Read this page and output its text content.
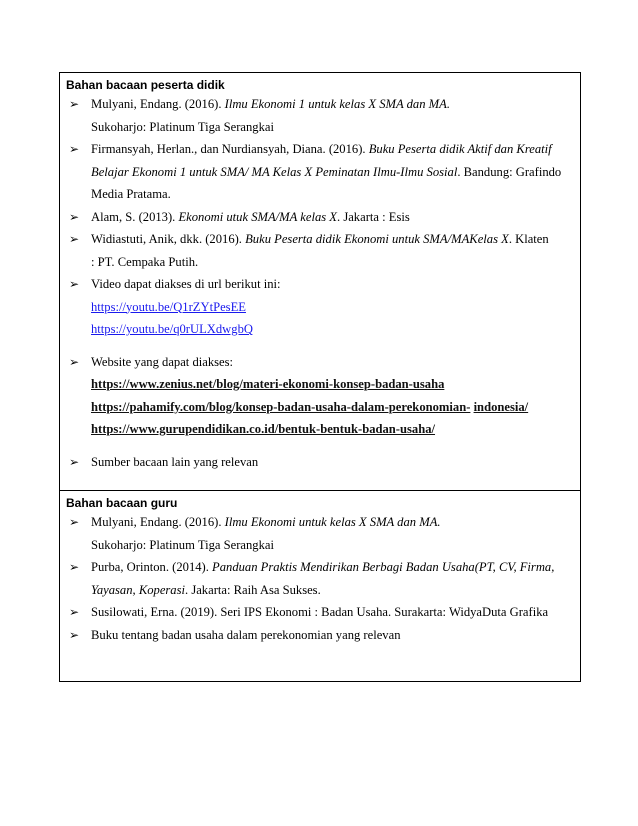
Bahan bacaan peserta didik
➢ Mulyani, Endang. (2016). Ilmu Ekonomi 1 untuk kelas X SMA dan MA.
Sukoharjo: Platinum Tiga Serangkai
➢ Firmansyah, Herlan., dan Nurdiansyah, Diana. (2016). Buku Peserta didik Aktif dan Kreatif
Belajar Ekonomi 1 untuk SMA/ MA Kelas X Peminatan Ilmu-Ilmu Sosial. Bandung: Grafindo
Media Pratama.
➢ Alam, S. (2013). Ekonomi utuk SMA/MA kelas X. Jakarta : Esis
➢ Widiastuti, Anik, dkk. (2016). Buku Peserta didik Ekonomi untuk SMA/MAKelas X. Klaten
: PT. Cempaka Putih.
➢ Video dapat diakses di url berikut ini:
https://youtu.be/Q1rZYtPesEE
https://youtu.be/q0rULXdwgbQ
➢ Website yang dapat diakses:
https://www.zenius.net/blog/materi-ekonomi-konsep-badan-usaha
https://pahamify.com/blog/konsep-badan-usaha-dalam-perekonomian- indonesia/
https://www.gurupendidikan.co.id/bentuk-bentuk-badan-usaha/
➢ Sumber bacaan lain yang relevan
Bahan bacaan guru
➢ Mulyani, Endang. (2016). Ilmu Ekonomi untuk kelas X SMA dan MA.
Sukoharjo: Platinum Tiga Serangkai
➢ Purba, Orinton. (2014). Panduan Praktis Mendirikan Berbagi Badan Usaha(PT, CV, Firma,
Yayasan, Koperasi. Jakarta: Raih Asa Sukses.
➢ Susilowati, Erna. (2019). Seri IPS Ekonomi : Badan Usaha. Surakarta: WidyaDuta Grafika
➢ Buku tentang badan usaha dalam perekonomian yang relevan
